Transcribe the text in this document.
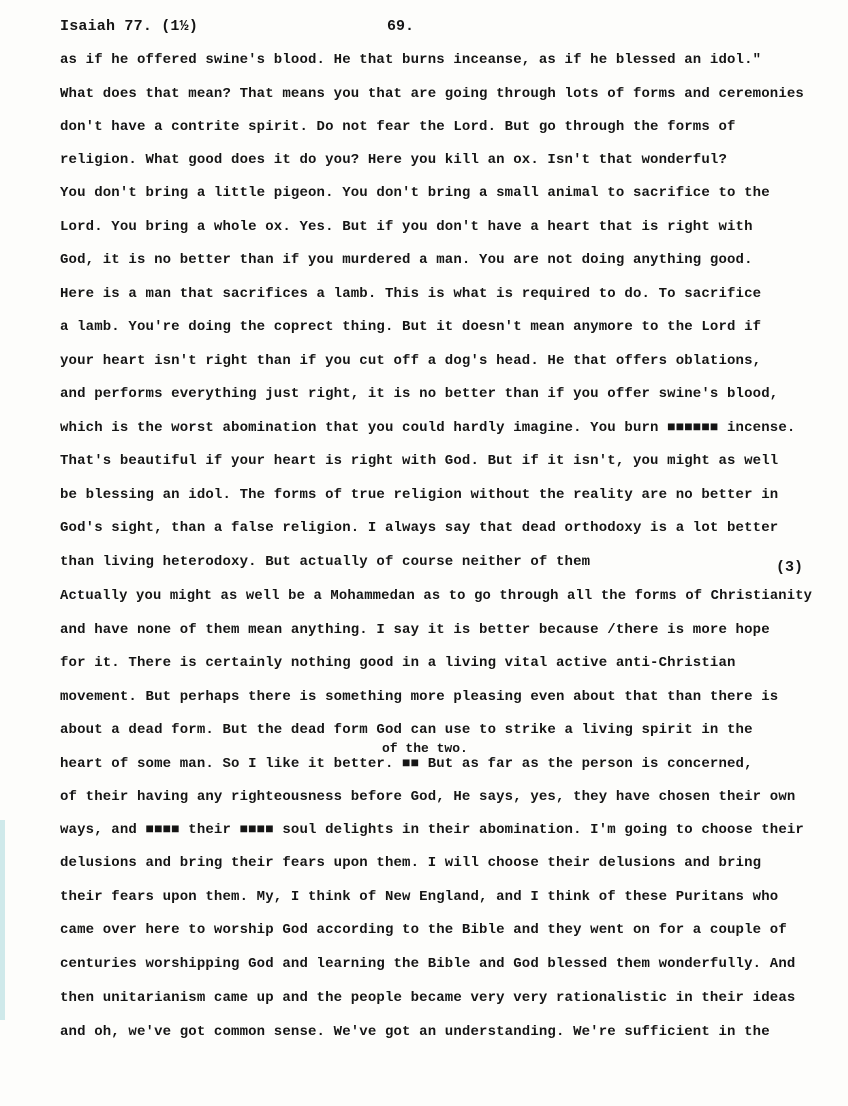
Isaiah 77. (1½)	69.
as if he offered swine's blood. He that burns inceanse, as if he blessed an idol."
What does that mean? That means you that are going through lots of forms and ceremonies
don't have a contrite spirit. Do not fear the Lord. But go through the forms of
religion. What good does it do you? Here you kill an ox. Isn't that wonderful?
You don't bring a little pigeon. You don't bring a small animal to sacrifice to the
Lord. You bring a whole ox. Yes. But if you don't have a heart that is right with
God, it is no better than if you murdered a man. You are not doing anything good.
Here is a man that sacrifices a lamb. This is what is required to do. To sacrifice
a lamb. You're doing the coprect thing. But it doesn't mean anymore to the Lord if
your heart isn't right than if you cut off a dog's head. He that offers oblations,
and performs everything just right, it is no better than if you offer swine's blood,
which is the worst abomination that you could hardly imagine. You burn ■■■■■■ incense.
That's beautiful if your heart is right with God. But if it isn't, you might as well
be blessing an idol. The forms of true religion without the reality are no better in
God's sight, than a false religion. I always say that dead orthodoxy is a lot better
than living heterodoxy. But actually of course neither of them	(3)
Actually you might as well be a Mohammedan as to go through all the forms of Christianity
and have none of them mean anything. I say it is better because /there is more hope
for it. There is certainly nothing good in a living vital active anti-Christian
movement. But perhaps there is something more pleasing even about that than there is
about a dead form. But the dead form God can use to strike a living spirit in the
of the two.
heart of some man. So I like it better. ■■ But as far as the person is concerned,
of their having any righteousness before God, He says, yes, they have chosen their own
ways, and ■■■■ their ■■■■ soul delights in their abomination. I'm going to choose their
delusions and bring their fears upon them. I will choose their delusions and bring
their fears upon them. My, I think of New England, and I think of these Puritans who
came over here to worship God according to the Bible and they went on for a couple of
centuries worshipping God and learning the Bible and God blessed them wonderfully. And
then unitarianism came up and the people became very very rationalistic in their ideas
and oh, we've got common sense. We've got an understanding. We're sufficient in the
